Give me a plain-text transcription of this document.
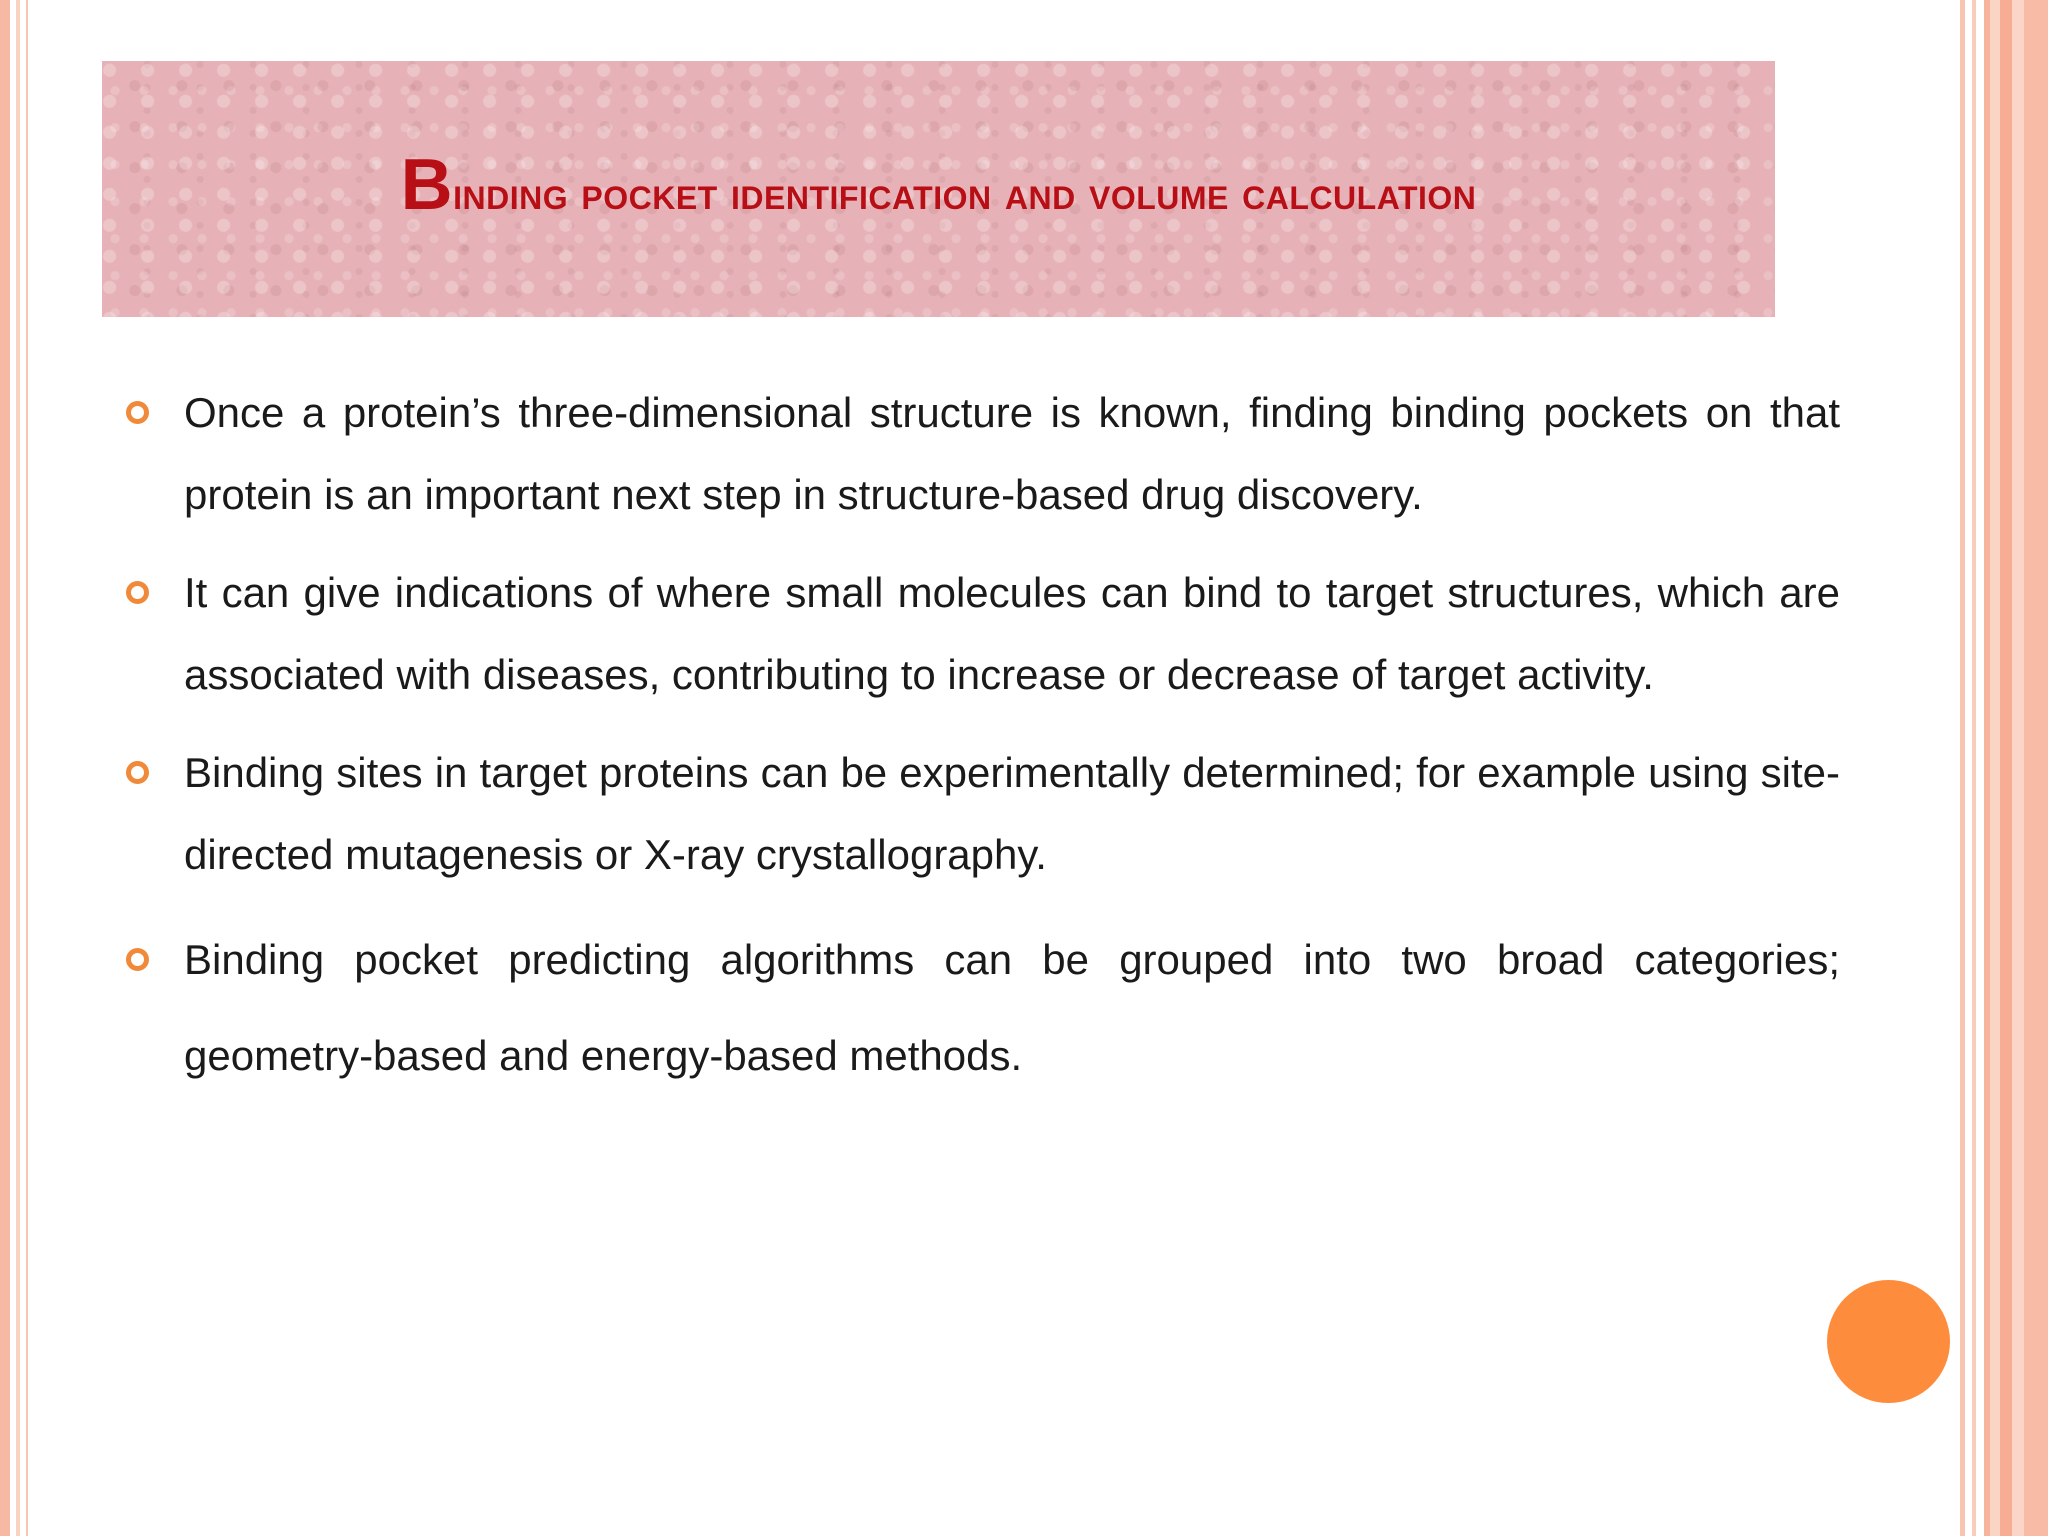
Binding pocket identification and volume calculation
Once a protein’s three-dimensional structure is known, finding binding pockets on that protein is an important next step in structure-based drug discovery.
It can give indications of where small molecules can bind to target structures, which are associated with diseases, contributing to increase or decrease of target activity.
Binding sites in target proteins can be experimentally determined; for example using site-directed mutagenesis or X-ray crystallography.
Binding pocket predicting algorithms can be grouped into two broad categories; geometry-based and energy-based methods.
